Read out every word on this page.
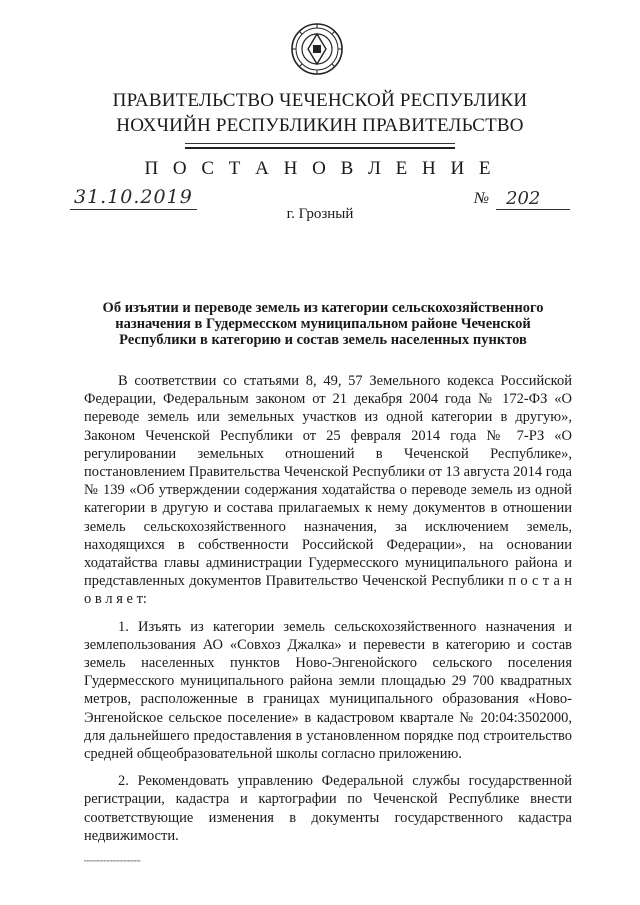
ПРАВИТЕЛЬСТВО ЧЕЧЕНСКОЙ РЕСПУБЛИКИ
НОХЧИЙН РЕСПУБЛИКИН ПРАВИТЕЛЬСТВО
П О С Т А Н О В Л Е Н И Е
31.10.2019	№ 202
г. Грозный
Об изъятии и переводе земель из категории сельскохозяйственного назначения в Гудермесском муниципальном районе Чеченской Республики в категорию и состав земель населенных пунктов

В соответствии со статьями 8, 49, 57 Земельного кодекса Российской Федерации, Федеральным законом от 21 декабря 2004 года № 172-ФЗ «О переводе земель или земельных участков из одной категории в другую», Законом Чеченской Республики от 25 февраля 2014 года № 7-РЗ «О регулировании земельных отношений в Чеченской Республике», постановлением Правительства Чеченской Республики от 13 августа 2014 года № 139 «Об утверждении содержания ходатайства о переводе земель из одной категории в другую и состава прилагаемых к нему документов в отношении земель сельскохозяйственного назначения, за исключением земель, находящихся в собственности Российской Федерации», на основании ходатайства главы администрации Гудермесского муниципального района и представленных документов Правительство Чеченской Республики п о с т а н о в л я е т:

1. Изъять из категории земель сельскохозяйственного назначения и землепользования АО «Совхоз Джалка» и перевести в категорию и состав земель населенных пунктов Ново-Энгенойского сельского поселения Гудермесского муниципального района земли площадью 29 700 квадратных метров, расположенные в границах муниципального образования «Ново-Энгенойское сельское поселение» в кадастровом квартале № 20:04:3502000, для дальнейшего предоставления в установленном порядке под строительство средней общеобразовательной школы согласно приложению.

2. Рекомендовать управлению Федеральной службы государственной регистрации, кадастра и картографии по Чеченской Республике внести соответствующие изменения в документы государственного кадастра недвижимости.

▪▪▪▪▪▪▪▪▪▪▪▪▪▪▪▪▪▪▪▪▪▪▪▪▪▪▪▪▪▪▪▪▪▪▪▪▪▪▪▪
